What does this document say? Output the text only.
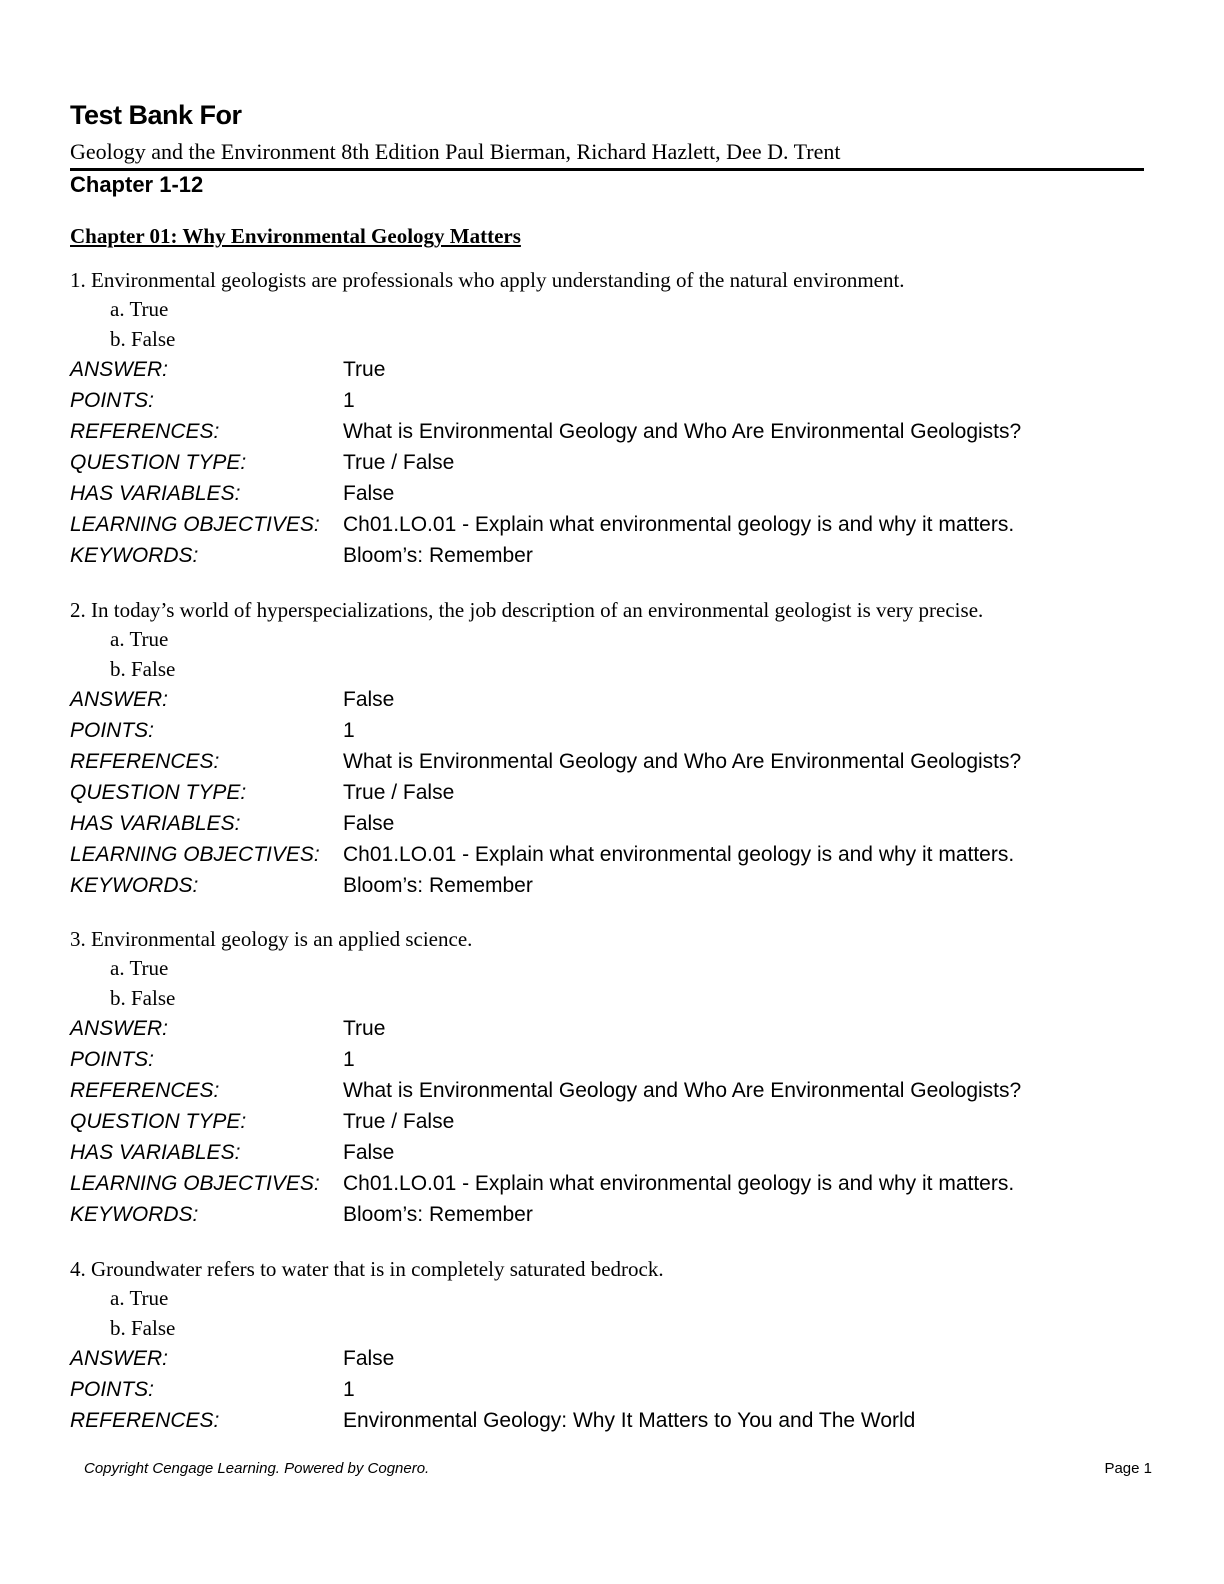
Test Bank For
Geology and the Environment 8th Edition Paul Bierman, Richard Hazlett, Dee D. Trent
Chapter 1-12
Chapter 01: Why Environmental Geology Matters
1. Environmental geologists are professionals who apply understanding of the natural environment.
a. True
b. False
ANSWER:	True
POINTS:	1
REFERENCES:	What is Environmental Geology and Who Are Environmental Geologists?
QUESTION TYPE:	True / False
HAS VARIABLES:	False
LEARNING OBJECTIVES:	Ch01.LO.01 - Explain what environmental geology is and why it matters.
KEYWORDS:	Bloom’s: Remember
2. In today’s world of hyperspecializations, the job description of an environmental geologist is very precise.
a. True
b. False
ANSWER:	False
POINTS:	1
REFERENCES:	What is Environmental Geology and Who Are Environmental Geologists?
QUESTION TYPE:	True / False
HAS VARIABLES:	False
LEARNING OBJECTIVES:	Ch01.LO.01 - Explain what environmental geology is and why it matters.
KEYWORDS:	Bloom’s: Remember
3. Environmental geology is an applied science.
a. True
b. False
ANSWER:	True
POINTS:	1
REFERENCES:	What is Environmental Geology and Who Are Environmental Geologists?
QUESTION TYPE:	True / False
HAS VARIABLES:	False
LEARNING OBJECTIVES:	Ch01.LO.01 - Explain what environmental geology is and why it matters.
KEYWORDS:	Bloom’s: Remember
4. Groundwater refers to water that is in completely saturated bedrock.
a. True
b. False
ANSWER:	False
POINTS:	1
REFERENCES:	Environmental Geology: Why It Matters to You and The World
Copyright Cengage Learning. Powered by Cognero.	Page 1
